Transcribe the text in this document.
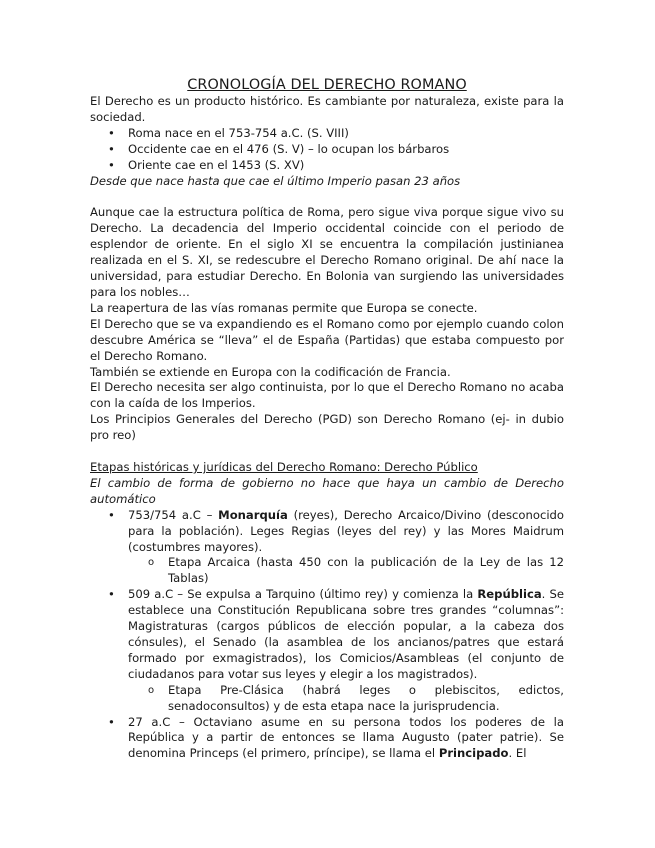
CRONOLOGÍA DEL DERECHO ROMANO

El Derecho es un producto histórico. Es cambiante por naturaleza, existe para la sociedad.

• Roma nace en el 753-754 a.C. (S. VIII)
• Occidente cae en el 476 (S. V) – lo ocupan los bárbaros
• Oriente cae en el 1453 (S. XV)

Desde que nace hasta que cae el último Imperio pasan 23 años

Aunque cae la estructura política de Roma, pero sigue viva porque sigue vivo su Derecho. La decadencia del Imperio occidental coincide con el periodo de esplendor de oriente. En el siglo XI se encuentra la compilación justinianea realizada en el S. XI, se redescubre el Derecho Romano original. De ahí nace la universidad, para estudiar Derecho. En Bolonia van surgiendo las universidades para los nobles…

La reapertura de las vías romanas permite que Europa se conecte.

El Derecho que se va expandiendo es el Romano como por ejemplo cuando colon descubre América se “lleva” el de España (Partidas) que estaba compuesto por el Derecho Romano.

También se extiende en Europa con la codificación de Francia.

El Derecho necesita ser algo continuista, por lo que el Derecho Romano no acaba con la caída de los Imperios.

Los Principios Generales del Derecho (PGD) son Derecho Romano (ej- in dubio pro reo)

Etapas históricas y jurídicas del Derecho Romano: Derecho Público

El cambio de forma de gobierno no hace que haya un cambio de Derecho automático

• 753/754 a.C – Monarquía (reyes), Derecho Arcaico/Divino (desconocido para la población). Leges Regias (leyes del rey) y las Mores Maidrum (costumbres mayores).
o Etapa Arcaica (hasta 450 con la publicación de la Ley de las 12 Tablas)
• 509 a.C – Se expulsa a Tarquino (último rey) y comienza la República. Se establece una Constitución Republicana sobre tres grandes “columnas”: Magistraturas (cargos públicos de elección popular, a la cabeza dos cónsules), el Senado (la asamblea de los ancianos/patres que estará formado por exmagistrados), los Comicios/Asambleas (el conjunto de ciudadanos para votar sus leyes y elegir a los magistrados).
o Etapa Pre-Clásica (habrá leges o plebiscitos, edictos, senadoconsultos) y de esta etapa nace la jurisprudencia.
• 27 a.C – Octaviano asume en su persona todos los poderes de la República y a partir de entonces se llama Augusto (pater patrie). Se denomina Princeps (el primero, príncipe), se llama el Principado. El
